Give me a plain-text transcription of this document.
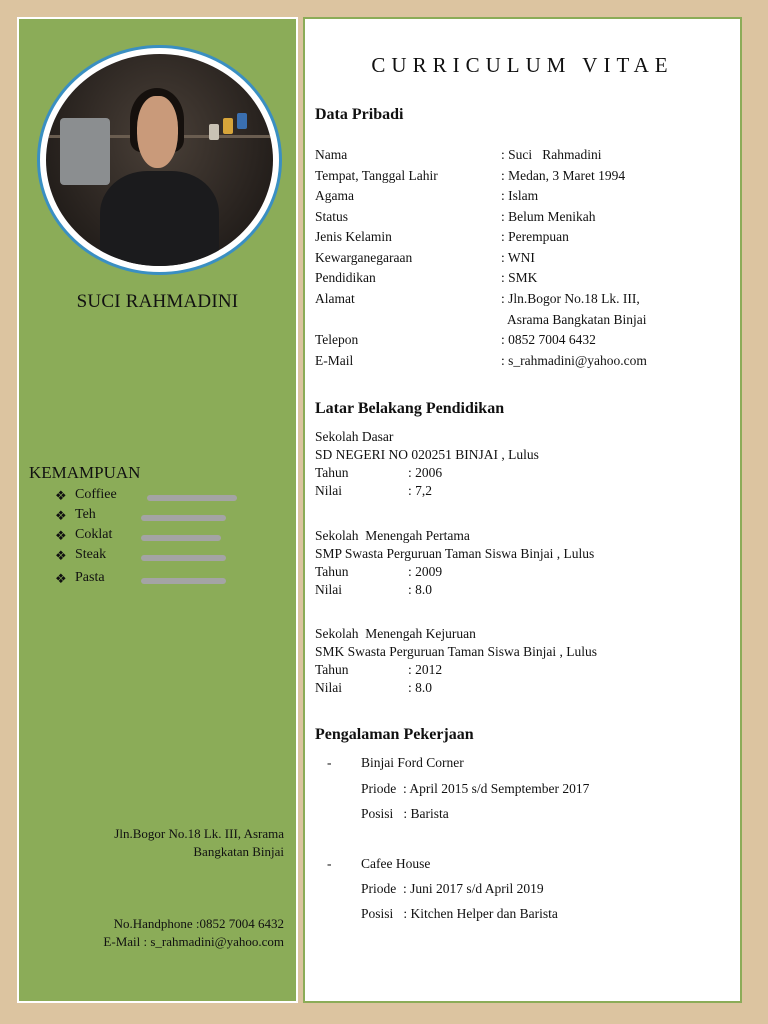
SUCI RAHMADINI
KEMAMPUAN
❖ Coffiee
❖ Teh
❖ Coklat
❖ Steak
❖ Pasta
Jln.Bogor No.18 Lk. III, Asrama
Bangkatan Binjai
No.Handphone :0852 7004 6432
E-Mail : s_rahmadini@yahoo.com
CURRICULUM VITAE
Data Pribadi
Nama	: Suci   Rahmadini
Tempat, Tanggal Lahir	: Medan, 3 Maret 1994
Agama	: Islam
Status	: Belum Menikah
Jenis Kelamin	: Perempuan
Kewarganegaraan	: WNI
Pendidikan	: SMK
Alamat	: Jln.Bogor No.18 Lk. III,
Asrama Bangkatan Binjai
Telepon	: 0852 7004 6432
E-Mail	: s_rahmadini@yahoo.com
Latar Belakang Pendidikan
Sekolah Dasar
SD NEGERI NO 020251 BINJAI , Lulus
Tahun	: 2006
Nilai	: 7,2
Sekolah  Menengah Pertama
SMP Swasta Perguruan Taman Siswa Binjai , Lulus
Tahun	: 2009
Nilai	: 8.0
Sekolah  Menengah Kejuruan
SMK Swasta Perguruan Taman Siswa Binjai , Lulus
Tahun	: 2012
Nilai	: 8.0
Pengalaman Pekerjaan
- Binjai Ford Corner
Priode  : April 2015 s/d Semptember 2017
Posisi   : Barista
- Cafee House
Priode  : Juni 2017 s/d April 2019
Posisi   : Kitchen Helper dan Barista
